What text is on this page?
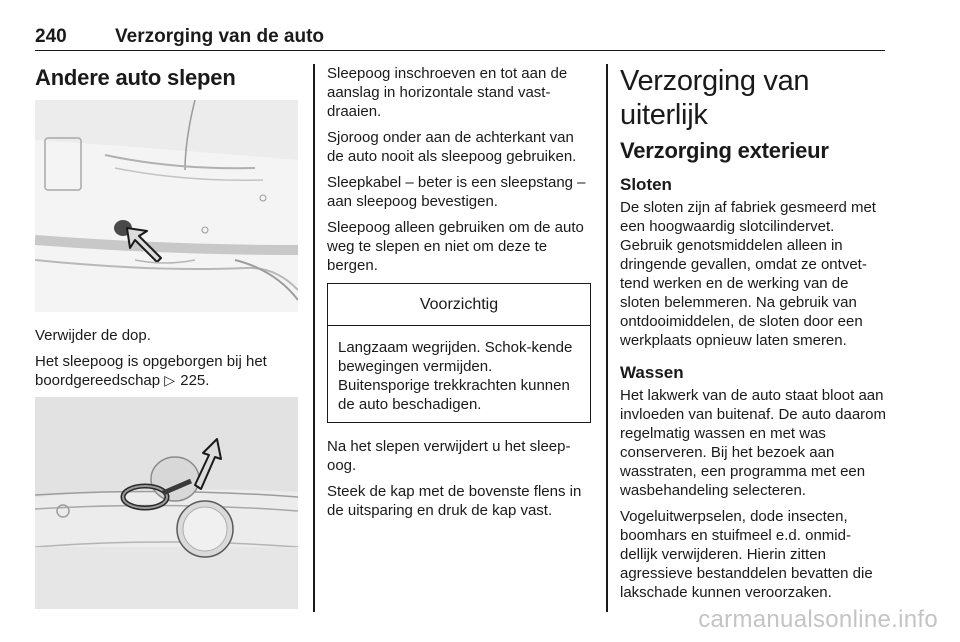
240	Verzorging van de auto
Andere auto slepen

Verwijder de dop.

Het sleepoog is opgeborgen bij het boordgereedschap ▷ 225.

Sleepoog inschroeven en tot aan de aanslag in horizontale stand vast-draaien.

Sjoroog onder aan de achterkant van de auto nooit als sleepoog gebruiken.

Sleepkabel – beter is een sleepstang – aan sleepoog bevestigen.

Sleepoog alleen gebruiken om de auto weg te slepen en niet om deze te bergen.

Voorzichtig
Langzaam wegrijden. Schok-kende bewegingen vermijden. Buitensporige trekkrachten kunnen de auto beschadigen.

Na het slepen verwijdert u het sleep-oog.

Steek de kap met de bovenste flens in de uitsparing en druk de kap vast.

Verzorging van uiterlijk
Verzorging exterieur
Sloten

De sloten zijn af fabriek gesmeerd met een hoogwaardig slotcilindervet. Gebruik genotsmiddelen alleen in dringende gevallen, omdat ze ontvet-tend werken en de werking van de sloten belemmeren. Na gebruik van ontdooimiddelen, de sloten door een werkplaats opnieuw laten smeren.

Wassen

Het lakwerk van de auto staat bloot aan invloeden van buitenaf. De auto daarom regelmatig wassen en met was conserveren. Bij het bezoek aan wasstraten, een programma met een wasbehandeling selecteren.

Vogeluitwerpselen, dode insecten, boomhars en stuifmeel e.d. onmid-dellijk verwijderen. Hierin zitten agressieve bestanddelen bevatten die lakschade kunnen veroorzaken.

carmanualsonline.info
